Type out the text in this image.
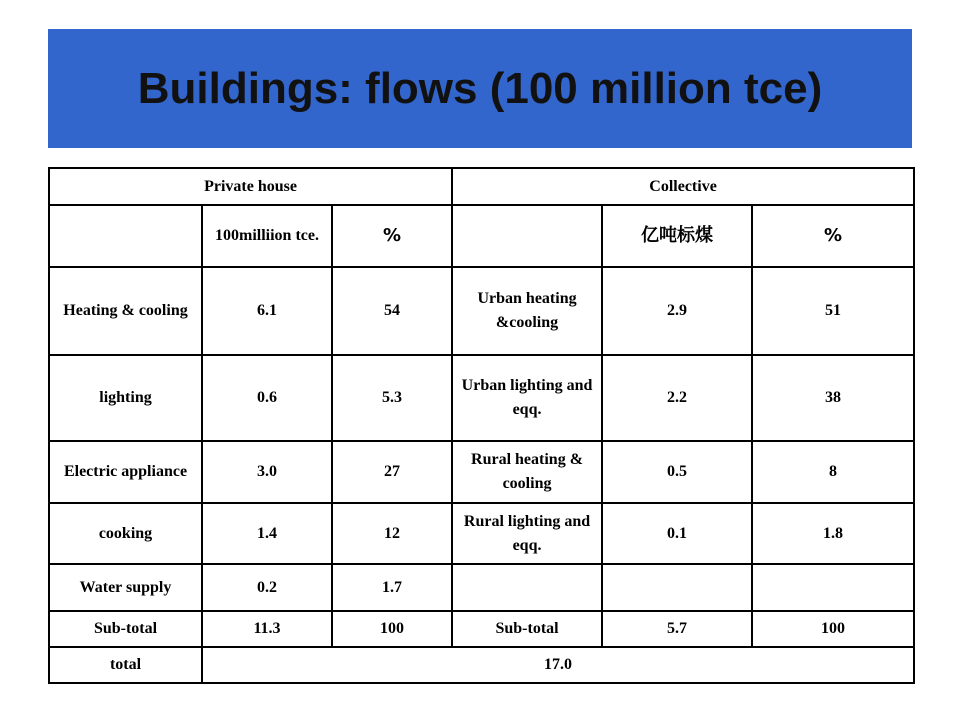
Buildings: flows (100 million tce)
Private house			Collective		
	100milliion tce.	%		亿吨标煤	%
Heating & cooling	6.1	54	Urban heating &cooling	2.9	51
lighting	0.6	5.3	Urban lighting and eqq.	2.2	38
Electric appliance	3.0	27	Rural heating & cooling	0.5	8
cooking	1.4	12	Rural lighting and eqq.	0.1	1.8
Water supply	0.2	1.7			
Sub-total	11.3	100	Sub-total	5.7	100
total	17.0				
